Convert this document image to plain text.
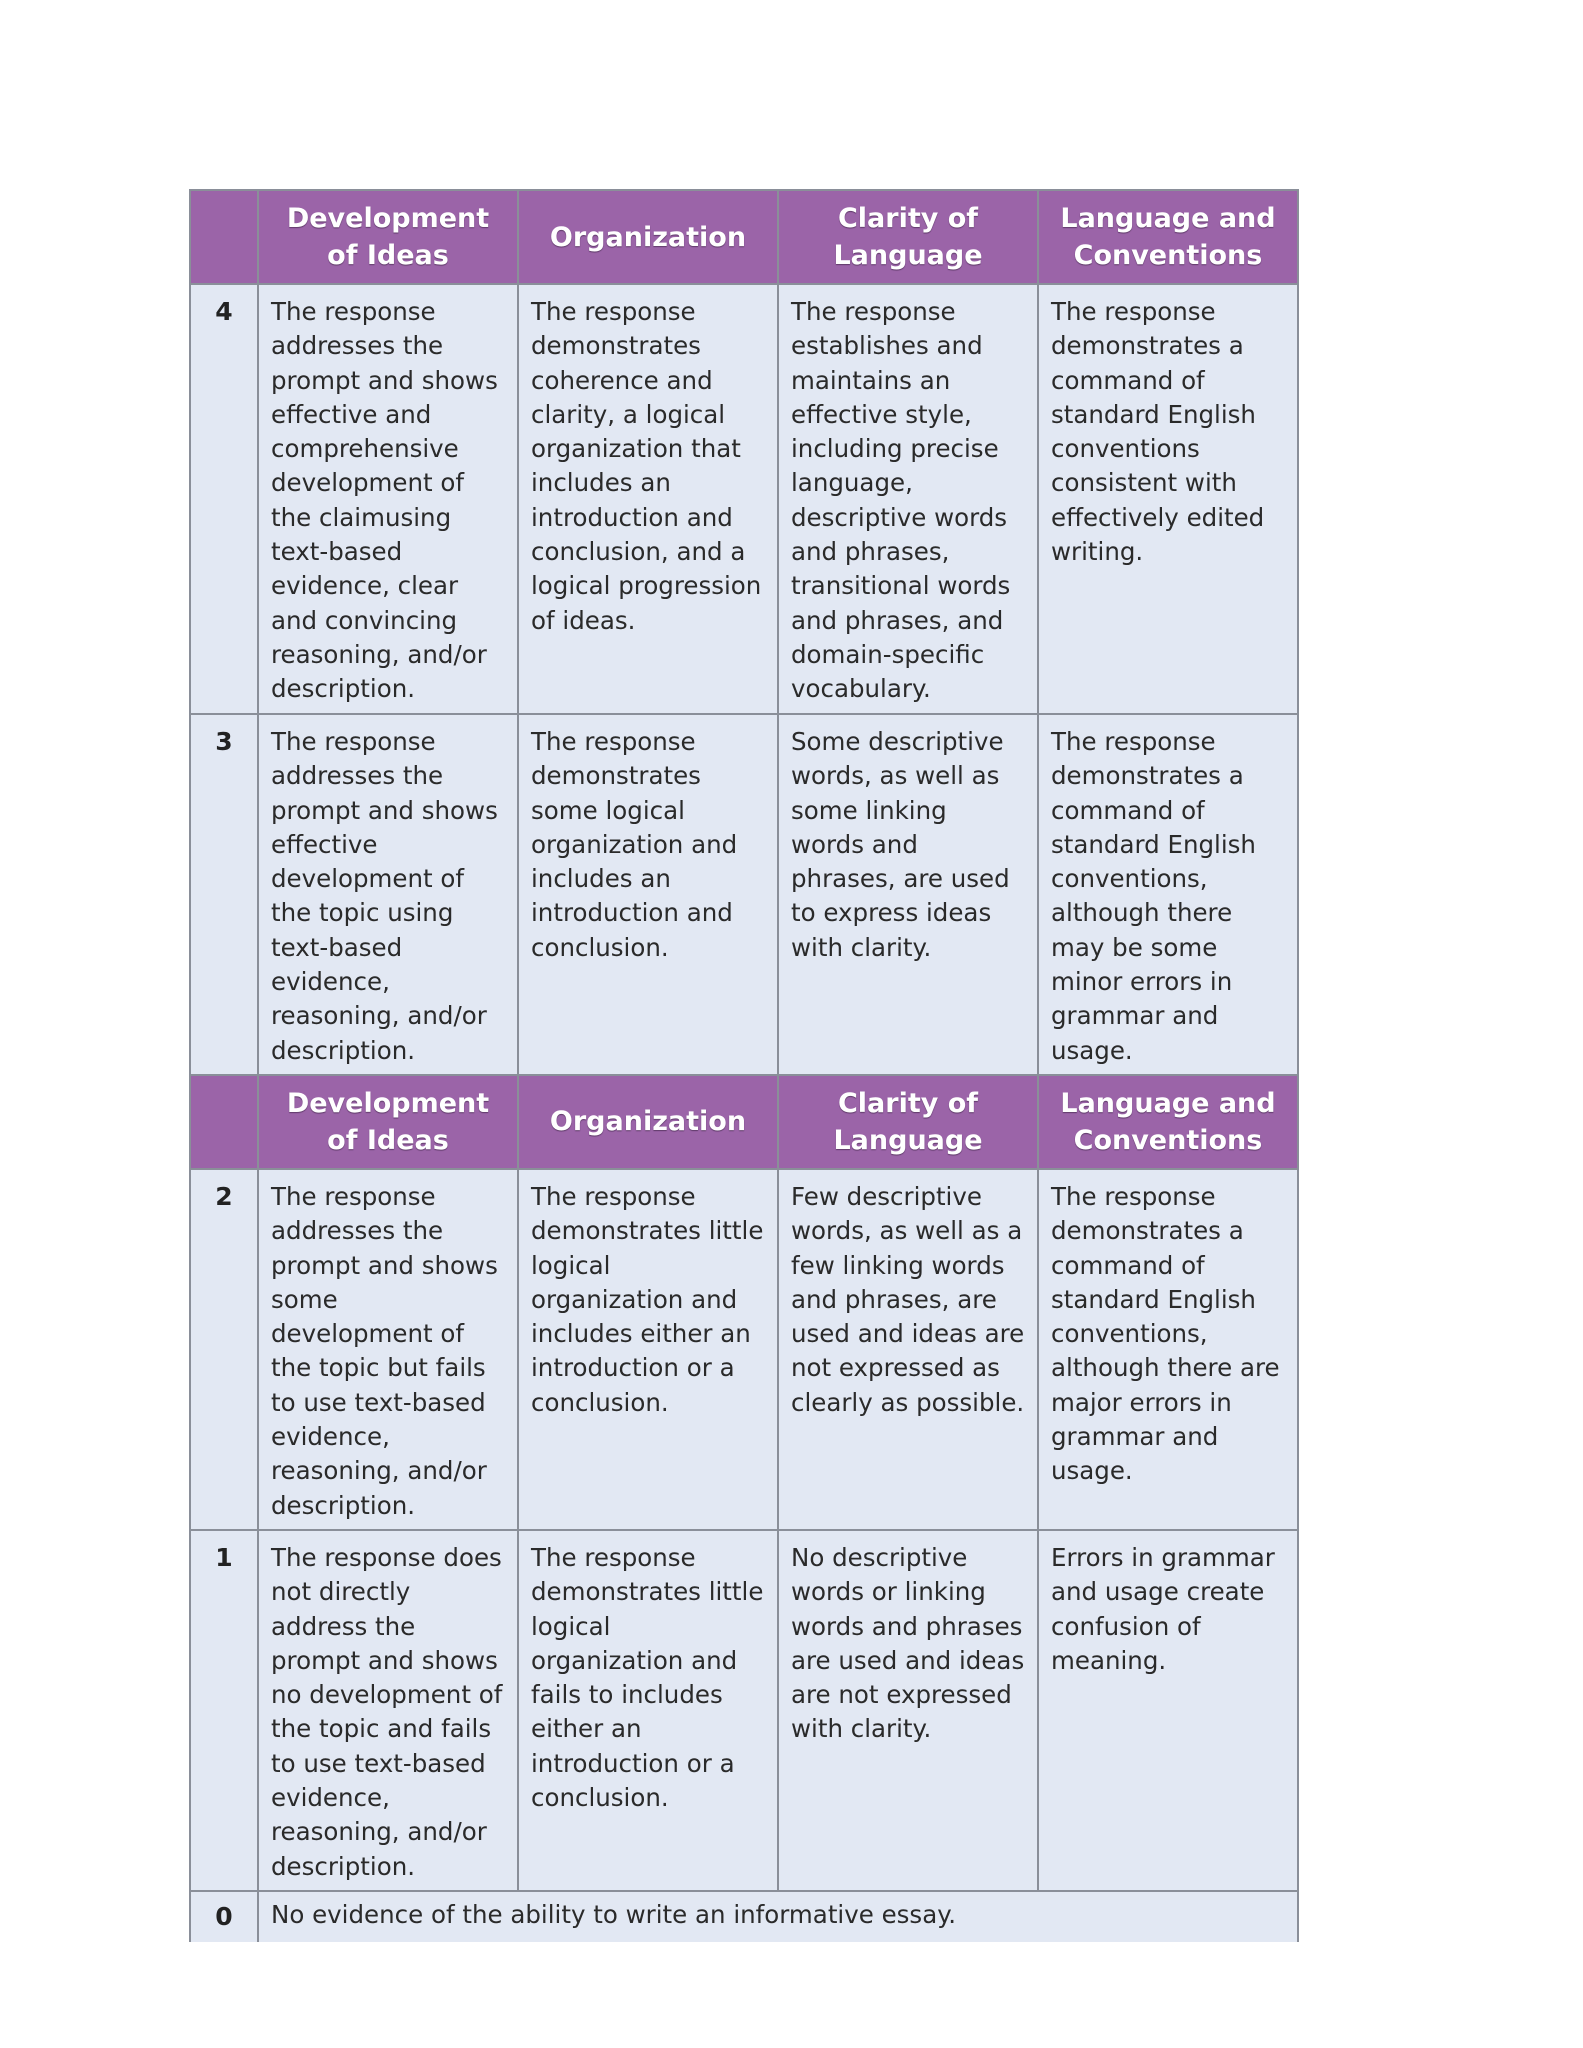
	Development of Ideas	Organization	Clarity of Language	Language and Conventions
4	The response addresses the prompt and shows effective and comprehensive development of the claimusing text-based evidence, clear and convincing reasoning, and/or description.	The response demonstrates coherence and clarity, a logical organization that includes an introduction and conclusion, and a logical progression of ideas.	The response establishes and maintains an effective style, including precise language, descriptive words and phrases, transitional words and phrases, and domain-specific vocabulary.	The response demonstrates a command of standard English conventions consistent with effectively edited writing.
3	The response addresses the prompt and shows effective development of the topic using text-based evidence, reasoning, and/or description.	The response demonstrates some logical organization and includes an introduction and conclusion.	Some descriptive words, as well as some linking words and phrases, are used to express ideas with clarity.	The response demonstrates a command of standard English conventions, although there may be some minor errors in grammar and usage.
	Development of Ideas	Organization	Clarity of Language	Language and Conventions
2	The response addresses the prompt and shows some development of the topic but fails to use text-based evidence, reasoning, and/or description.	The response demonstrates little logical organization and includes either an introduction or a conclusion.	Few descriptive words, as well as a few linking words and phrases, are used and ideas are not expressed as clearly as possible.	The response demonstrates a command of standard English conventions, although there are major errors in grammar and usage.
1	The response does not directly address the prompt and shows no development of the topic and fails to use text-based evidence, reasoning, and/or description.	The response demonstrates little logical organization and fails to includes either an introduction or a conclusion.	No descriptive words or linking words and phrases are used and ideas are not expressed with clarity.	Errors in grammar and usage create confusion of meaning.
0	No evidence of the ability to write an informative essay.			
